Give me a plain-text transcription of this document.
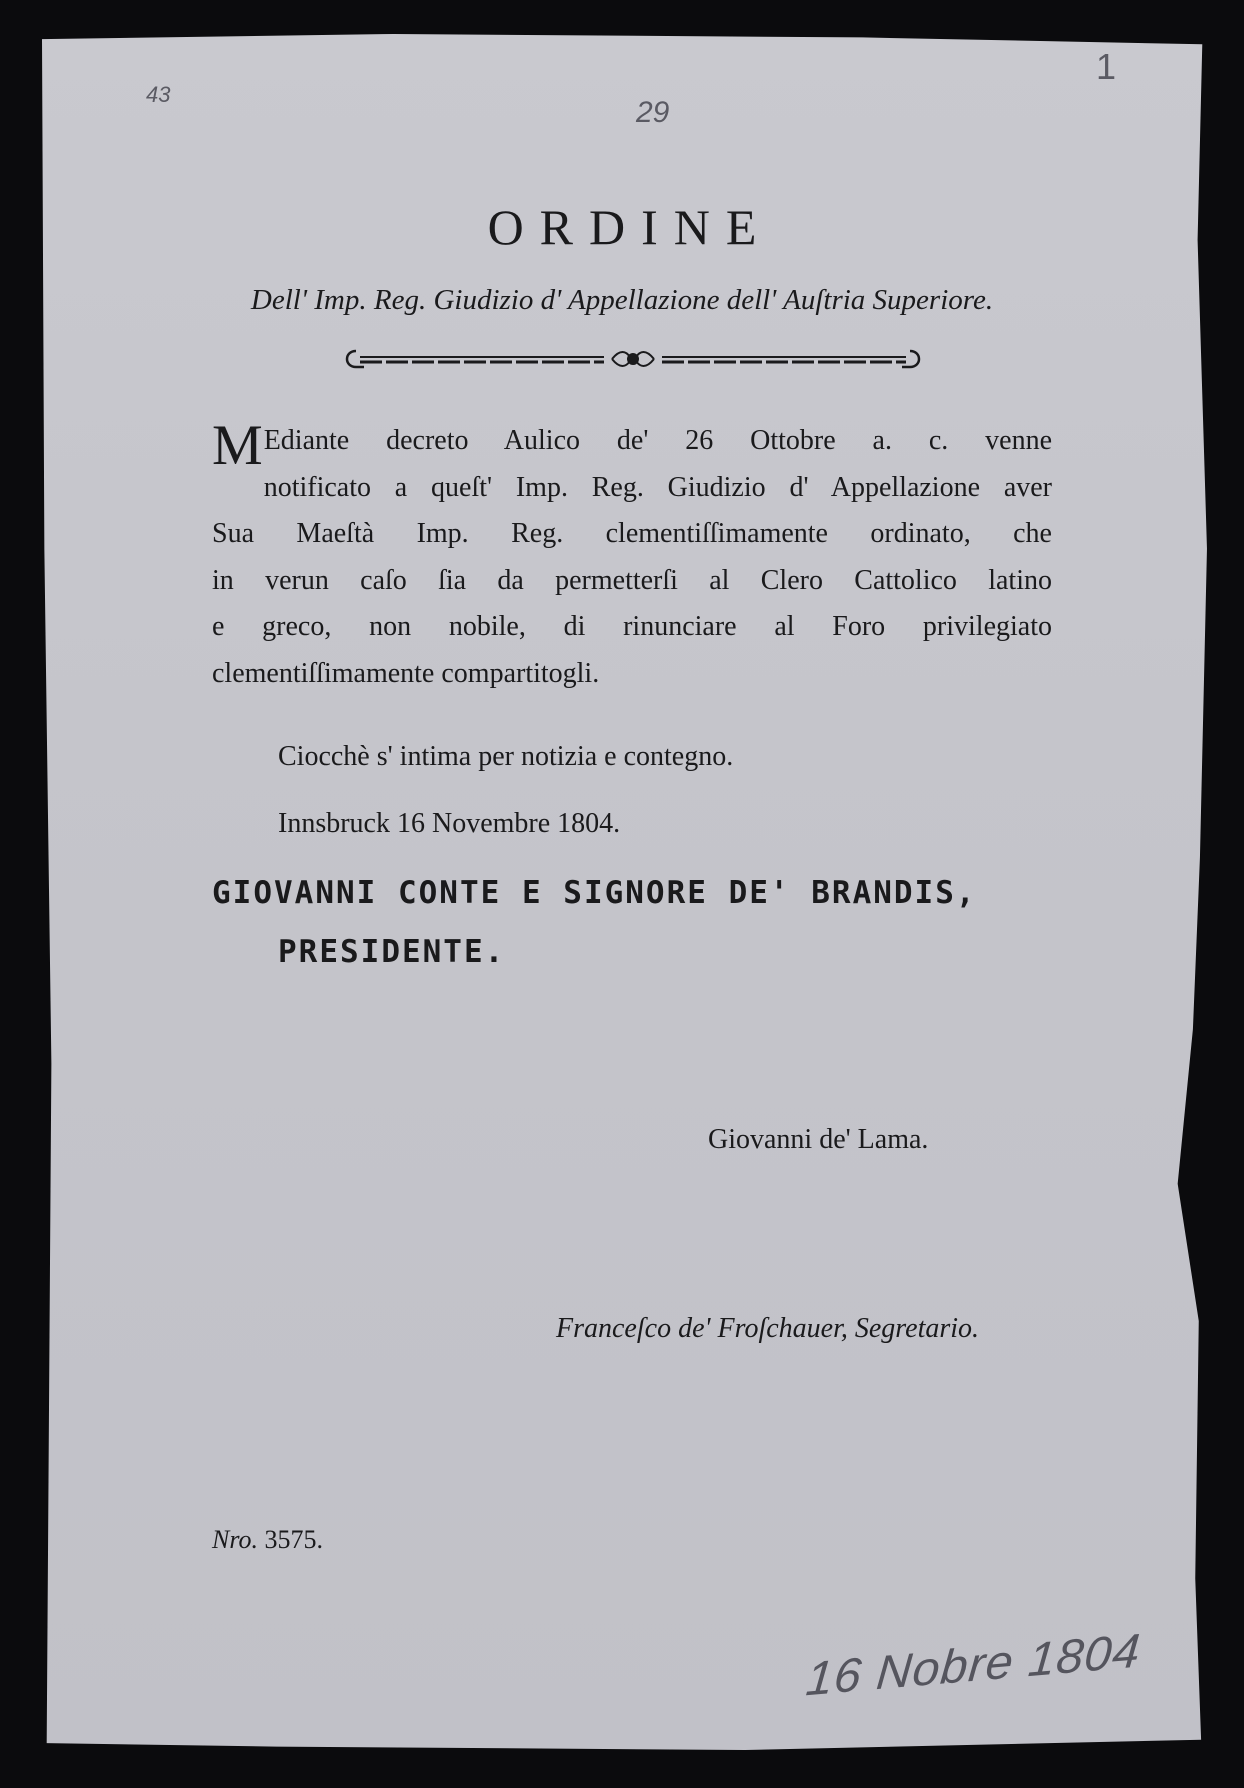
43

29

1

ORDINE

Dell' Imp. Reg. Giudizio d' Appellazione dell' Auſtria Superiore.

M Ediante decreto Aulico de' 26 Ottobre a. c. venne
notificato a queſt' Imp. Reg. Giudizio d' Appellazione aver
Sua Maeſtà Imp. Reg. clementiſſimamente ordinato, che
in verun caſo ſia da permetterſi al Clero Cattolico latino
e greco, non nobile, di rinunciare al Foro privilegiato
clementiſſimamente compartitogli.

Ciocchè s' intima per notizia e contegno.

Innsbruck 16 Novembre 1804.

GIOVANNI CONTE E SIGNORE DE' BRANDIS,

PRESIDENTE.

Giovanni de' Lama.

Franceſco de' Froſchauer, Segretario.

Nro. 3575.

16 Nobre 1804
